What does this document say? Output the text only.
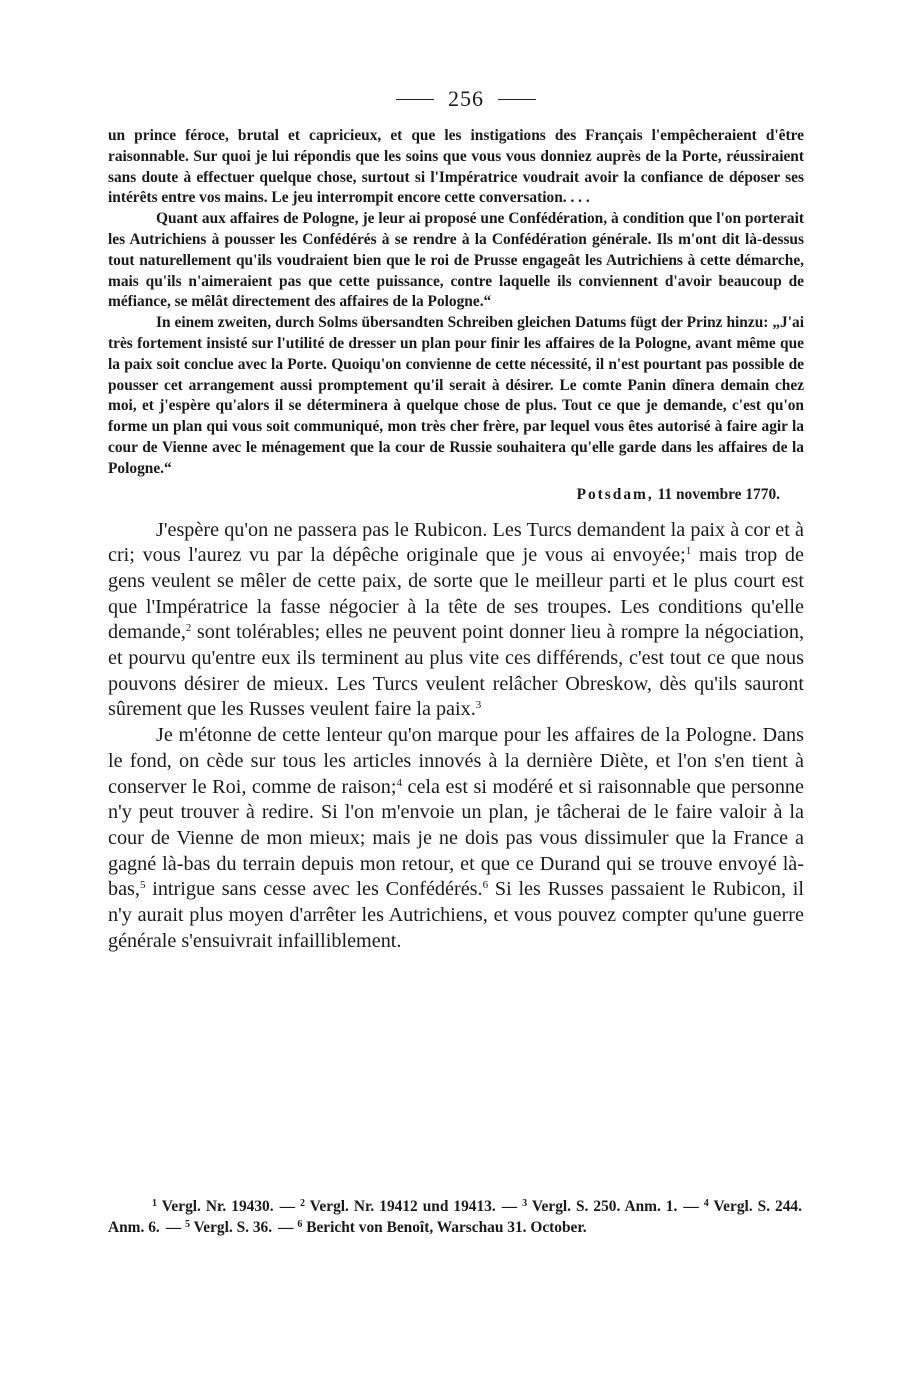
256

un prince féroce, brutal et capricieux, et que les instigations des Français l'empêcheraient d'être raisonnable. Sur quoi je lui répondis que les soins que vous vous donniez auprès de la Porte, réussiraient sans doute à effectuer quelque chose, surtout si l'Impératrice voudrait avoir la confiance de déposer ses intérêts entre vos mains. Le jeu interrompit encore cette conversation. . . .

Quant aux affaires de Pologne, je leur ai proposé une Confédération, à condition que l'on porterait les Autrichiens à pousser les Confédérés à se rendre à la Confédération générale. Ils m'ont dit là-dessus tout naturellement qu'ils voudraient bien que le roi de Prusse engageât les Autrichiens à cette démarche, mais qu'ils n'aimeraient pas que cette puissance, contre laquelle ils conviennent d'avoir beaucoup de méfiance, se mêlât directement des affaires de la Pologne.“

In einem zweiten, durch Solms übersandten Schreiben gleichen Datums fügt der Prinz hinzu: „J'ai très fortement insisté sur l'utilité de dresser un plan pour finir les affaires de la Pologne, avant même que la paix soit conclue avec la Porte. Quoiqu'on convienne de cette nécessité, il n'est pourtant pas possible de pousser cet arrangement aussi promptement qu'il serait à désirer. Le comte Panin dînera demain chez moi, et j'espère qu'alors il se déterminera à quelque chose de plus. Tout ce que je demande, c'est qu'on forme un plan qui vous soit communiqué, mon très cher frère, par lequel vous êtes autorisé à faire agir la cour de Vienne avec le ménagement que la cour de Russie souhaitera qu'elle garde dans les affaires de la Pologne.“

Potsdam, 11 novembre 1770.

J'espère qu'on ne passera pas le Rubicon. Les Turcs demandent la paix à cor et à cri; vous l'aurez vu par la dépêche originale que je vous ai envoyée;$^1$ mais trop de gens veulent se mêler de cette paix, de sorte que le meilleur parti et le plus court est que l'Impératrice la fasse négocier à la tête de ses troupes. Les conditions qu'elle demande,$^2$ sont tolérables; elles ne peuvent point donner lieu à rompre la négociation, et pourvu qu'entre eux ils terminent au plus vite ces différends, c'est tout ce que nous pouvons désirer de mieux. Les Turcs veulent relâcher Obreskow, dès qu'ils sauront sûrement que les Russes veulent faire la paix.$^3$

Je m'étonne de cette lenteur qu'on marque pour les affaires de la Pologne. Dans le fond, on cède sur tous les articles innovés à la dernière Diète, et l'on s'en tient à conserver le Roi, comme de raison;$^4$ cela est si modéré et si raisonnable que personne n'y peut trouver à redire. Si l'on m'envoie un plan, je tâcherai de le faire valoir à la cour de Vienne de mon mieux; mais je ne dois pas vous dissimuler que la France a gagné là-bas du terrain depuis mon retour, et que ce Durand qui se trouve envoyé là-bas,$^5$ intrigue sans cesse avec les Confédérés.$^6$ Si les Russes passaient le Rubicon, il n'y aurait plus moyen d'arrêter les Autrichiens, et vous pouvez compter qu'une guerre générale s'ensuivrait infailliblement.

$^1$ Vergl. Nr. 19430. — $^2$ Vergl. Nr. 19412 und 19413. — $^3$ Vergl. S. 250. Anm. 1. — $^4$ Vergl. S. 244. Anm. 6. — $^5$ Vergl. S. 36. — $^6$ Bericht von Benoît, Warschau 31. October.
